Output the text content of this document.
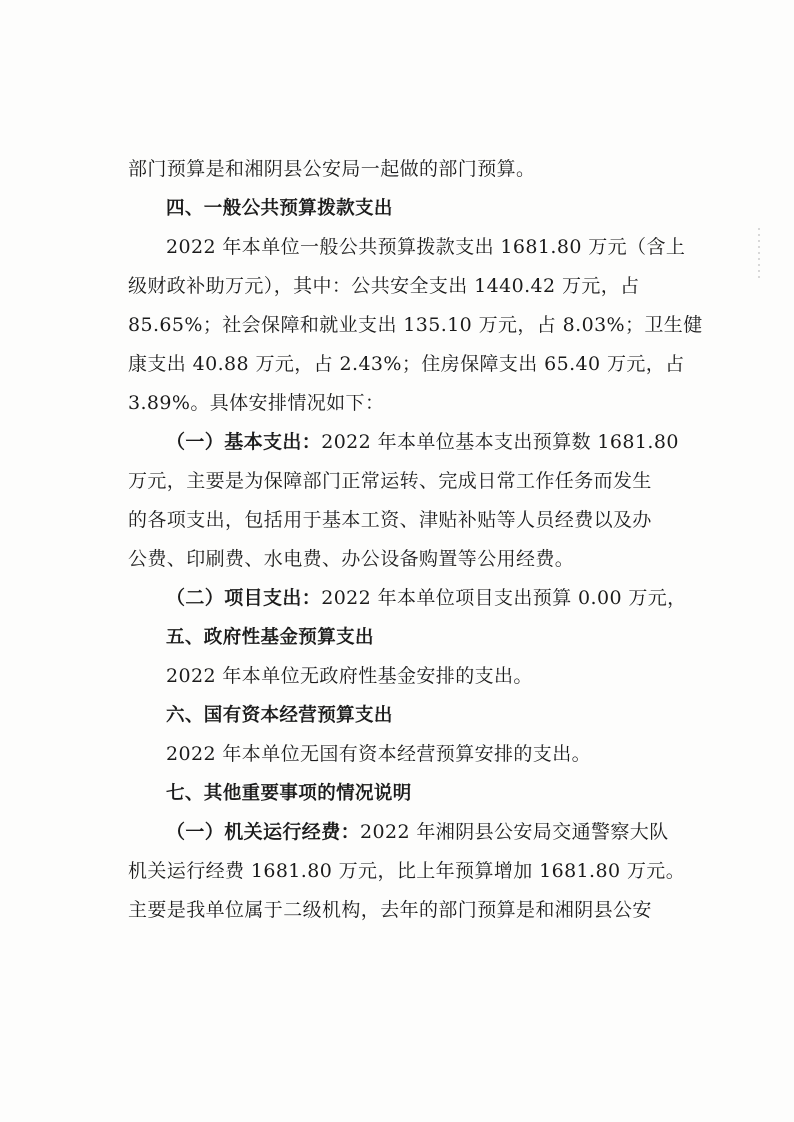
部门预算是和湘阴县公安局一起做的部门预算。
四、一般公共预算拨款支出
2022 年本单位一般公共预算拨款支出 1681.80 万元（含上
级财政补助万元），其中：公共安全支出 1440.42 万元，占
85.65%；社会保障和就业支出 135.10 万元，占 8.03%；卫生健
康支出 40.88 万元，占 2.43%；住房保障支出 65.40 万元，占
3.89%。具体安排情况如下：
（一）基本支出：2022 年本单位基本支出预算数 1681.80
万元，主要是为保障部门正常运转、完成日常工作任务而发生
的各项支出，包括用于基本工资、津贴补贴等人员经费以及办
公费、印刷费、水电费、办公设备购置等公用经费。
（二）项目支出：2022 年本单位项目支出预算 0.00 万元，
五、政府性基金预算支出
2022 年本单位无政府性基金安排的支出。
六、国有资本经营预算支出
2022 年本单位无国有资本经营预算安排的支出。
七、其他重要事项的情况说明
（一）机关运行经费：2022 年湘阴县公安局交通警察大队
机关运行经费 1681.80 万元，比上年预算增加 1681.80 万元。
主要是我单位属于二级机构，去年的部门预算是和湘阴县公安
